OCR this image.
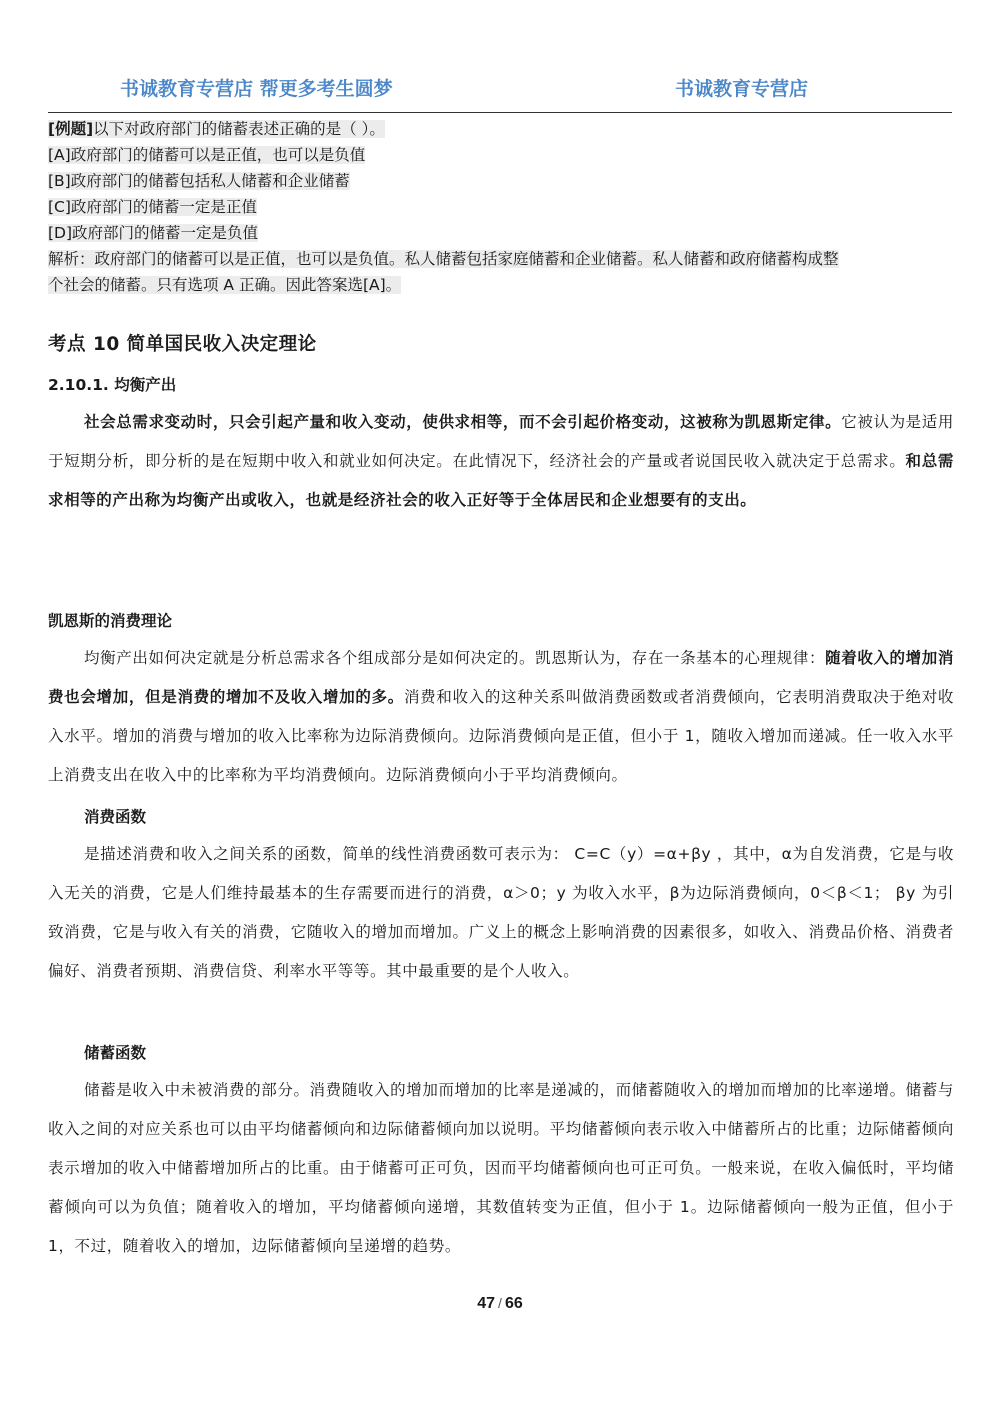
书诚教育专营店 帮更多考生圆梦	书诚教育专营店
[例题]以下对政府部门的储蓄表述正确的是（ ）。
[A]政府部门的储蓄可以是正值，也可以是负值
[B]政府部门的储蓄包括私人储蓄和企业储蓄
[C]政府部门的储蓄一定是正值
[D]政府部门的储蓄一定是负值
解析：政府部门的储蓄可以是正值，也可以是负值。私人储蓄包括家庭储蓄和企业储蓄。私人储蓄和政府储蓄构成整
个社会的储蓄。只有选项 A 正确。因此答案选[A]。
考点 10 简单国民收入决定理论
2.10.1. 均衡产出
社会总需求变动时，只会引起产量和收入变动，使供求相等，而不会引起价格变动，这被称为凯恩斯定律。它被认为是适用于短期分析，即分析的是在短期中收入和就业如何决定。在此情况下，经济社会的产量或者说国民收入就决定于总需求。和总需求相等的产出称为均衡产出或收入，也就是经济社会的收入正好等于全体居民和企业想要有的支出。
凯恩斯的消费理论
均衡产出如何决定就是分析总需求各个组成部分是如何决定的。凯恩斯认为，存在一条基本的心理规律：随着收入的增加消费也会增加，但是消费的增加不及收入增加的多。消费和收入的这种关系叫做消费函数或者消费倾向，它表明消费取决于绝对收入水平。增加的消费与增加的收入比率称为边际消费倾向。边际消费倾向是正值，但小于 1，随收入增加而递减。任一收入水平上消费支出在收入中的比率称为平均消费倾向。边际消费倾向小于平均消费倾向。
消费函数
是描述消费和收入之间关系的函数，简单的线性消费函数可表示为： C=C（y）=α+βy ，其中，α为自发消费，它是与收入无关的消费，它是人们维持最基本的生存需要而进行的消费，α＞0；y 为收入水平，β为边际消费倾向，0＜β＜1； βy 为引致消费，它是与收入有关的消费，它随收入的增加而增加。广义上的概念上影响消费的因素很多，如收入、消费品价格、消费者偏好、消费者预期、消费信贷、利率水平等等。其中最重要的是个人收入。
储蓄函数
储蓄是收入中未被消费的部分。消费随收入的增加而增加的比率是递减的，而储蓄随收入的增加而增加的比率递增。储蓄与收入之间的对应关系也可以由平均储蓄倾向和边际储蓄倾向加以说明。平均储蓄倾向表示收入中储蓄所占的比重；边际储蓄倾向表示增加的收入中储蓄增加所占的比重。由于储蓄可正可负，因而平均储蓄倾向也可正可负。一般来说，在收入偏低时，平均储蓄倾向可以为负值；随着收入的增加，平均储蓄倾向递增，其数值转变为正值，但小于 1。边际储蓄倾向一般为正值，但小于 1，不过，随着收入的增加，边际储蓄倾向呈递增的趋势。
47 / 66
